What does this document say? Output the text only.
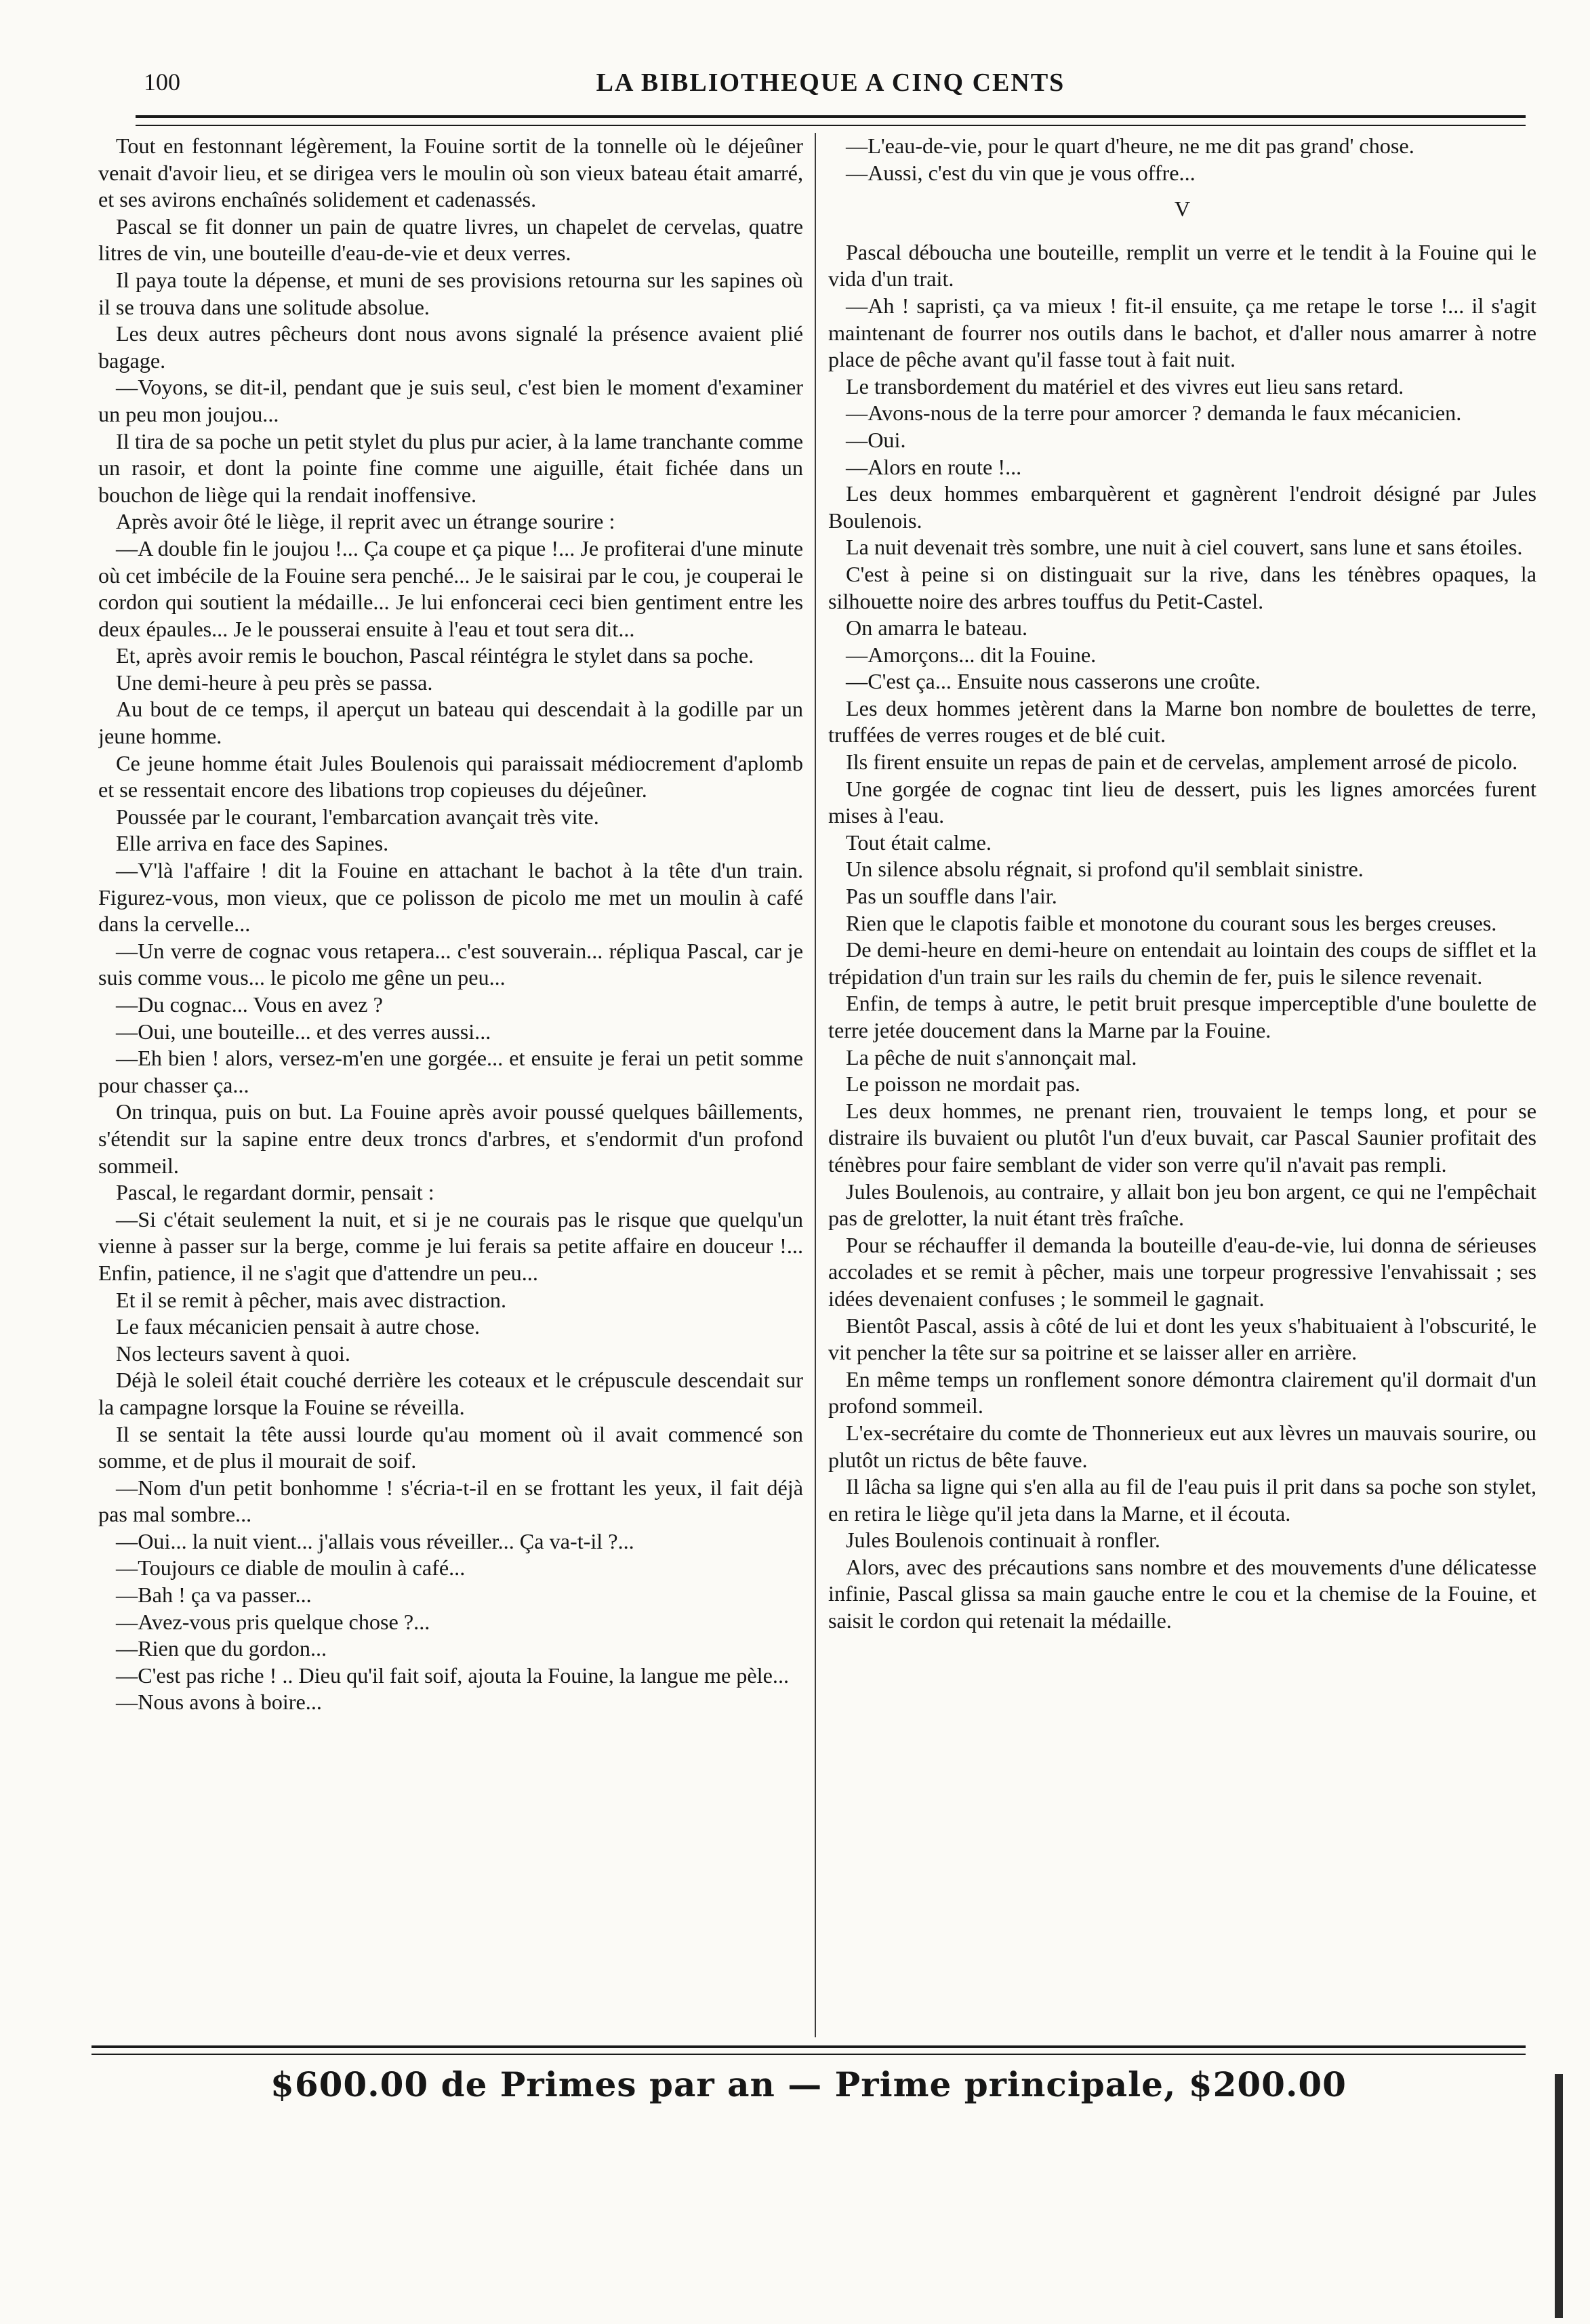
100	LA BIBLIOTHEQUE A CINQ CENTS

Tout en festonnant légèrement, la Fouine sortit de la tonnelle où le déjeûner venait d'avoir lieu, et se dirigea vers le moulin où son vieux bateau était amarré, et ses avirons enchaînés solidement et cadenassés.

Pascal se fit donner un pain de quatre livres, un chapelet de cervelas, quatre litres de vin, une bouteille d'eau-de-vie et deux verres.

Il paya toute la dépense, et muni de ses provisions retourna sur les sapines où il se trouva dans une solitude absolue.

Les deux autres pêcheurs dont nous avons signalé la présence avaient plié bagage.

—Voyons, se dit-il, pendant que je suis seul, c'est bien le moment d'examiner un peu mon joujou...

Il tira de sa poche un petit stylet du plus pur acier, à la lame tranchante comme un rasoir, et dont la pointe fine comme une aiguille, était fichée dans un bouchon de liège qui la rendait inoffensive.

Après avoir ôté le liège, il reprit avec un étrange sourire :

—A double fin le joujou !... Ça coupe et ça pique !... Je profiterai d'une minute où cet imbécile de la Fouine sera penché... Je le saisirai par le cou, je couperai le cordon qui soutient la médaille... Je lui enfoncerai ceci bien gentiment entre les deux épaules... Je le pousserai ensuite à l'eau et tout sera dit...

Et, après avoir remis le bouchon, Pascal réintégra le stylet dans sa poche.

Une demi-heure à peu près se passa.

Au bout de ce temps, il aperçut un bateau qui descendait à la godille par un jeune homme.

Ce jeune homme était Jules Boulenois qui paraissait médiocrement d'aplomb et se ressentait encore des libations trop copieuses du déjeûner.

Poussée par le courant, l'embarcation avançait très vite.

Elle arriva en face des Sapines.

—V'là l'affaire ! dit la Fouine en attachant le bachot à la tête d'un train. Figurez-vous, mon vieux, que ce polisson de picolo me met un moulin à café dans la cervelle...

—Un verre de cognac vous retapera... c'est souverain... répliqua Pascal, car je suis comme vous... le picolo me gêne un peu...

—Du cognac... Vous en avez ?

—Oui, une bouteille... et des verres aussi...

—Eh bien ! alors, versez-m'en une gorgée... et ensuite je ferai un petit somme pour chasser ça...

On trinqua, puis on but. La Fouine après avoir poussé quelques bâillements, s'étendit sur la sapine entre deux troncs d'arbres, et s'endormit d'un profond sommeil.

Pascal, le regardant dormir, pensait :

—Si c'était seulement la nuit, et si je ne courais pas le risque que quelqu'un vienne à passer sur la berge, comme je lui ferais sa petite affaire en douceur !... Enfin, patience, il ne s'agit que d'attendre un peu...

Et il se remit à pêcher, mais avec distraction.

Le faux mécanicien pensait à autre chose.

Nos lecteurs savent à quoi.

Déjà le soleil était couché derrière les coteaux et le crépuscule descendait sur la campagne lorsque la Fouine se réveilla.

Il se sentait la tête aussi lourde qu'au moment où il avait commencé son somme, et de plus il mourait de soif.

—Nom d'un petit bonhomme ! s'écria-t-il en se frottant les yeux, il fait déjà pas mal sombre...

—Oui... la nuit vient... j'allais vous réveiller... Ça va-t-il ?...

—Toujours ce diable de moulin à café...

—Bah ! ça va passer...

—Avez-vous pris quelque chose ?...

—Rien que du gordon...

—C'est pas riche ! .. Dieu qu'il fait soif, ajouta la Fouine, la langue me pèle...

—Nous avons à boire...

—L'eau-de-vie, pour le quart d'heure, ne me dit pas grand' chose.

—Aussi, c'est du vin que je vous offre...

V

Pascal déboucha une bouteille, remplit un verre et le tendit à la Fouine qui le vida d'un trait.

—Ah ! sapristi, ça va mieux ! fit-il ensuite, ça me retape le torse !... il s'agit maintenant de fourrer nos outils dans le bachot, et d'aller nous amarrer à notre place de pêche avant qu'il fasse tout à fait nuit.

Le transbordement du matériel et des vivres eut lieu sans retard.

—Avons-nous de la terre pour amorcer ? demanda le faux mécanicien.

—Oui.

—Alors en route !...

Les deux hommes embarquèrent et gagnèrent l'endroit désigné par Jules Boulenois.

La nuit devenait très sombre, une nuit à ciel couvert, sans lune et sans étoiles.

C'est à peine si on distinguait sur la rive, dans les ténèbres opaques, la silhouette noire des arbres touffus du Petit-Castel.

On amarra le bateau.

—Amorçons... dit la Fouine.

—C'est ça... Ensuite nous casserons une croûte.

Les deux hommes jetèrent dans la Marne bon nombre de boulettes de terre, truffées de verres rouges et de blé cuit.

Ils firent ensuite un repas de pain et de cervelas, amplement arrosé de picolo.

Une gorgée de cognac tint lieu de dessert, puis les lignes amorcées furent mises à l'eau.

Tout était calme.

Un silence absolu régnait, si profond qu'il semblait sinistre.

Pas un souffle dans l'air.

Rien que le clapotis faible et monotone du courant sous les berges creuses.

De demi-heure en demi-heure on entendait au lointain des coups de sifflet et la trépidation d'un train sur les rails du chemin de fer, puis le silence revenait.

Enfin, de temps à autre, le petit bruit presque imperceptible d'une boulette de terre jetée doucement dans la Marne par la Fouine.

La pêche de nuit s'annonçait mal.

Le poisson ne mordait pas.

Les deux hommes, ne prenant rien, trouvaient le temps long, et pour se distraire ils buvaient ou plutôt l'un d'eux buvait, car Pascal Saunier profitait des ténèbres pour faire semblant de vider son verre qu'il n'avait pas rempli.

Jules Boulenois, au contraire, y allait bon jeu bon argent, ce qui ne l'empêchait pas de grelotter, la nuit étant très fraîche.

Pour se réchauffer il demanda la bouteille d'eau-de-vie, lui donna de sérieuses accolades et se remit à pêcher, mais une torpeur progressive l'envahissait ; ses idées devenaient confuses ; le sommeil le gagnait.

Bientôt Pascal, assis à côté de lui et dont les yeux s'habituaient à l'obscurité, le vit pencher la tête sur sa poitrine et se laisser aller en arrière.

En même temps un ronflement sonore démontra clairement qu'il dormait d'un profond sommeil.

L'ex-secrétaire du comte de Thonnerieux eut aux lèvres un mauvais sourire, ou plutôt un rictus de bête fauve.

Il lâcha sa ligne qui s'en alla au fil de l'eau puis il prit dans sa poche son stylet, en retira le liège qu'il jeta dans la Marne, et il écouta.

Jules Boulenois continuait à ronfler.

Alors, avec des précautions sans nombre et des mouvements d'une délicatesse infinie, Pascal glissa sa main gauche entre le cou et la chemise de la Fouine, et saisit le cordon qui retenait la médaille.

$600.00 de Primes par an — Prime principale, $200.00
